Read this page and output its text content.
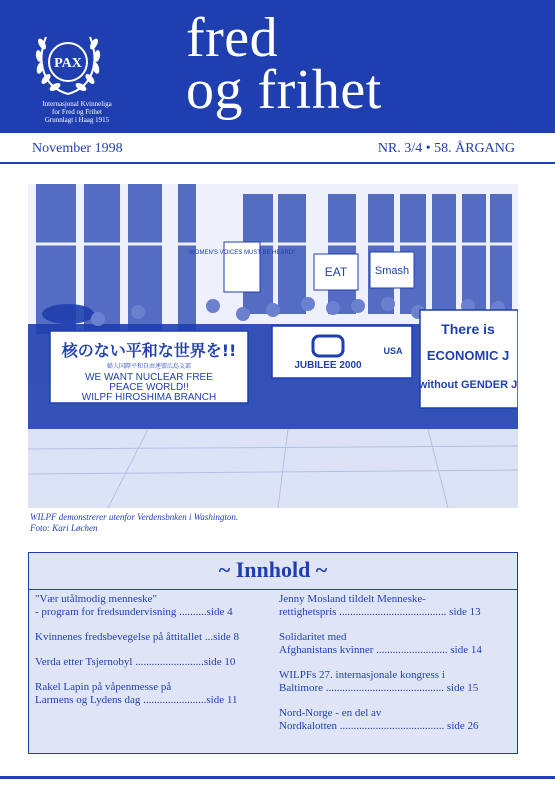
PAX
Internasjonal Kvinneliga
for Fred og Frihet
Grunnlagt i Haag 1915
fred
og frihet
November 1998	NR. 3/4 • 58. ÅRGANG
核のない平和な世界を!!
婦人国際平和自由連盟広島支部
WE WANT NUCLEAR FREE
PEACE WORLD!!
WILPF HIROSHIMA BRANCH
WOMEN'S VOICES MUST BE HEARD!
EAT	Smash
JUBILEE 2000
USA
There is
ECONOMIC J
without GENDER J
WILPF demonstrerer utenfor Verdensbnken i Washington.
Foto: Kari Løchen
~ Innhold ~
"Vær utålmodig menneske"
- program for fredsundervisning ..........side 4
Kvinnenes fredsbevegelse på åttitallet ...side 8
Verda etter Tsjernobyl .........................side 10
Rakel Lapin på våpenmesse på
Larmens og Lydens dag .......................side 11
Jenny Mosland tildelt Menneske-
rettighetspris ....................................... side 13
Solidaritet med
Afghanistans kvinner .......................... side 14
WILPFs 27. internasjonale kongress i
Baltimore ........................................... side 15
Nord-Norge - en del av
Nordkalotten ...................................... side 26
